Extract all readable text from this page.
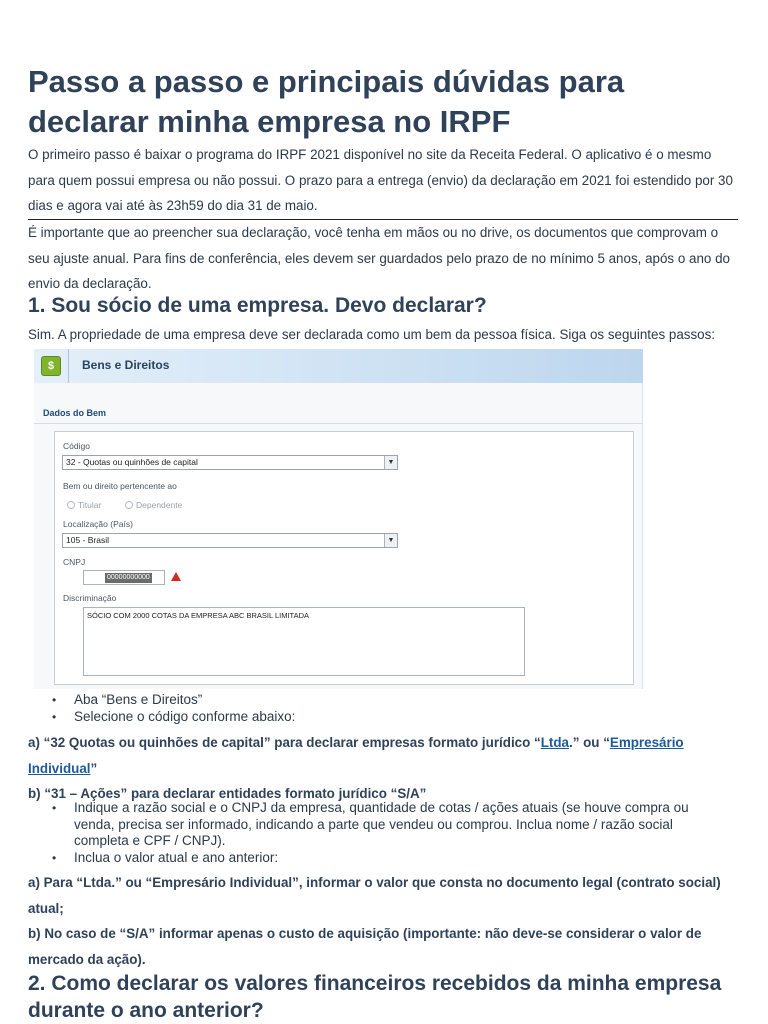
Passo a passo e principais dúvidas para declarar minha empresa no IRPF

O primeiro passo é baixar o programa do IRPF 2021 disponível no site da Receita Federal. O aplicativo é o mesmo para quem possui empresa ou não possui. O prazo para a entrega (envio) da declaração em 2021 foi estendido por 30 dias e agora vai até às 23h59 do dia 31 de maio.

É importante que ao preencher sua declaração, você tenha em mãos ou no drive, os documentos que comprovam o seu ajuste anual. Para fins de conferência, eles devem ser guardados pelo prazo de no mínimo 5 anos, após o ano do envio da declaração.

1. Sou sócio de uma empresa. Devo declarar?

Sim. A propriedade de uma empresa deve ser declarada como um bem da pessoa física. Siga os seguintes passos:

$	Bens e Direitos
Dados do Bem
Código
32 - Quotas ou quinhões de capital	▼
Bem ou direito pertencente ao
Titular	Dependente
Localização (País)
105 - Brasil	▼
CNPJ
00000000000
Discriminação
SÓCIO COM 2000 COTAS DA EMPRESA ABC BRASIL LIMITADA
• Aba “Bens e Direitos”
• Selecione o código conforme abaixo:

a) “32 Quotas ou quinhões de capital” para declarar empresas formato jurídico “Ltda.” ou “Empresário Individual”

b) “31 – Ações” para declarar entidades formato jurídico “S/A”

• Indique a razão social e o CNPJ da empresa, quantidade de cotas / ações atuais (se houve compra ou venda, precisa ser informado, indicando a parte que vendeu ou comprou. Inclua nome / razão social completa e CPF / CNPJ).
• Inclua o valor atual e ano anterior:

a) Para “Ltda.” ou “Empresário Individual”, informar o valor que consta no documento legal (contrato social) atual;

b) No caso de “S/A” informar apenas o custo de aquisição (importante: não deve-se considerar o valor de mercado da ação).

2. Como declarar os valores financeiros recebidos da minha empresa durante o ano anterior?
